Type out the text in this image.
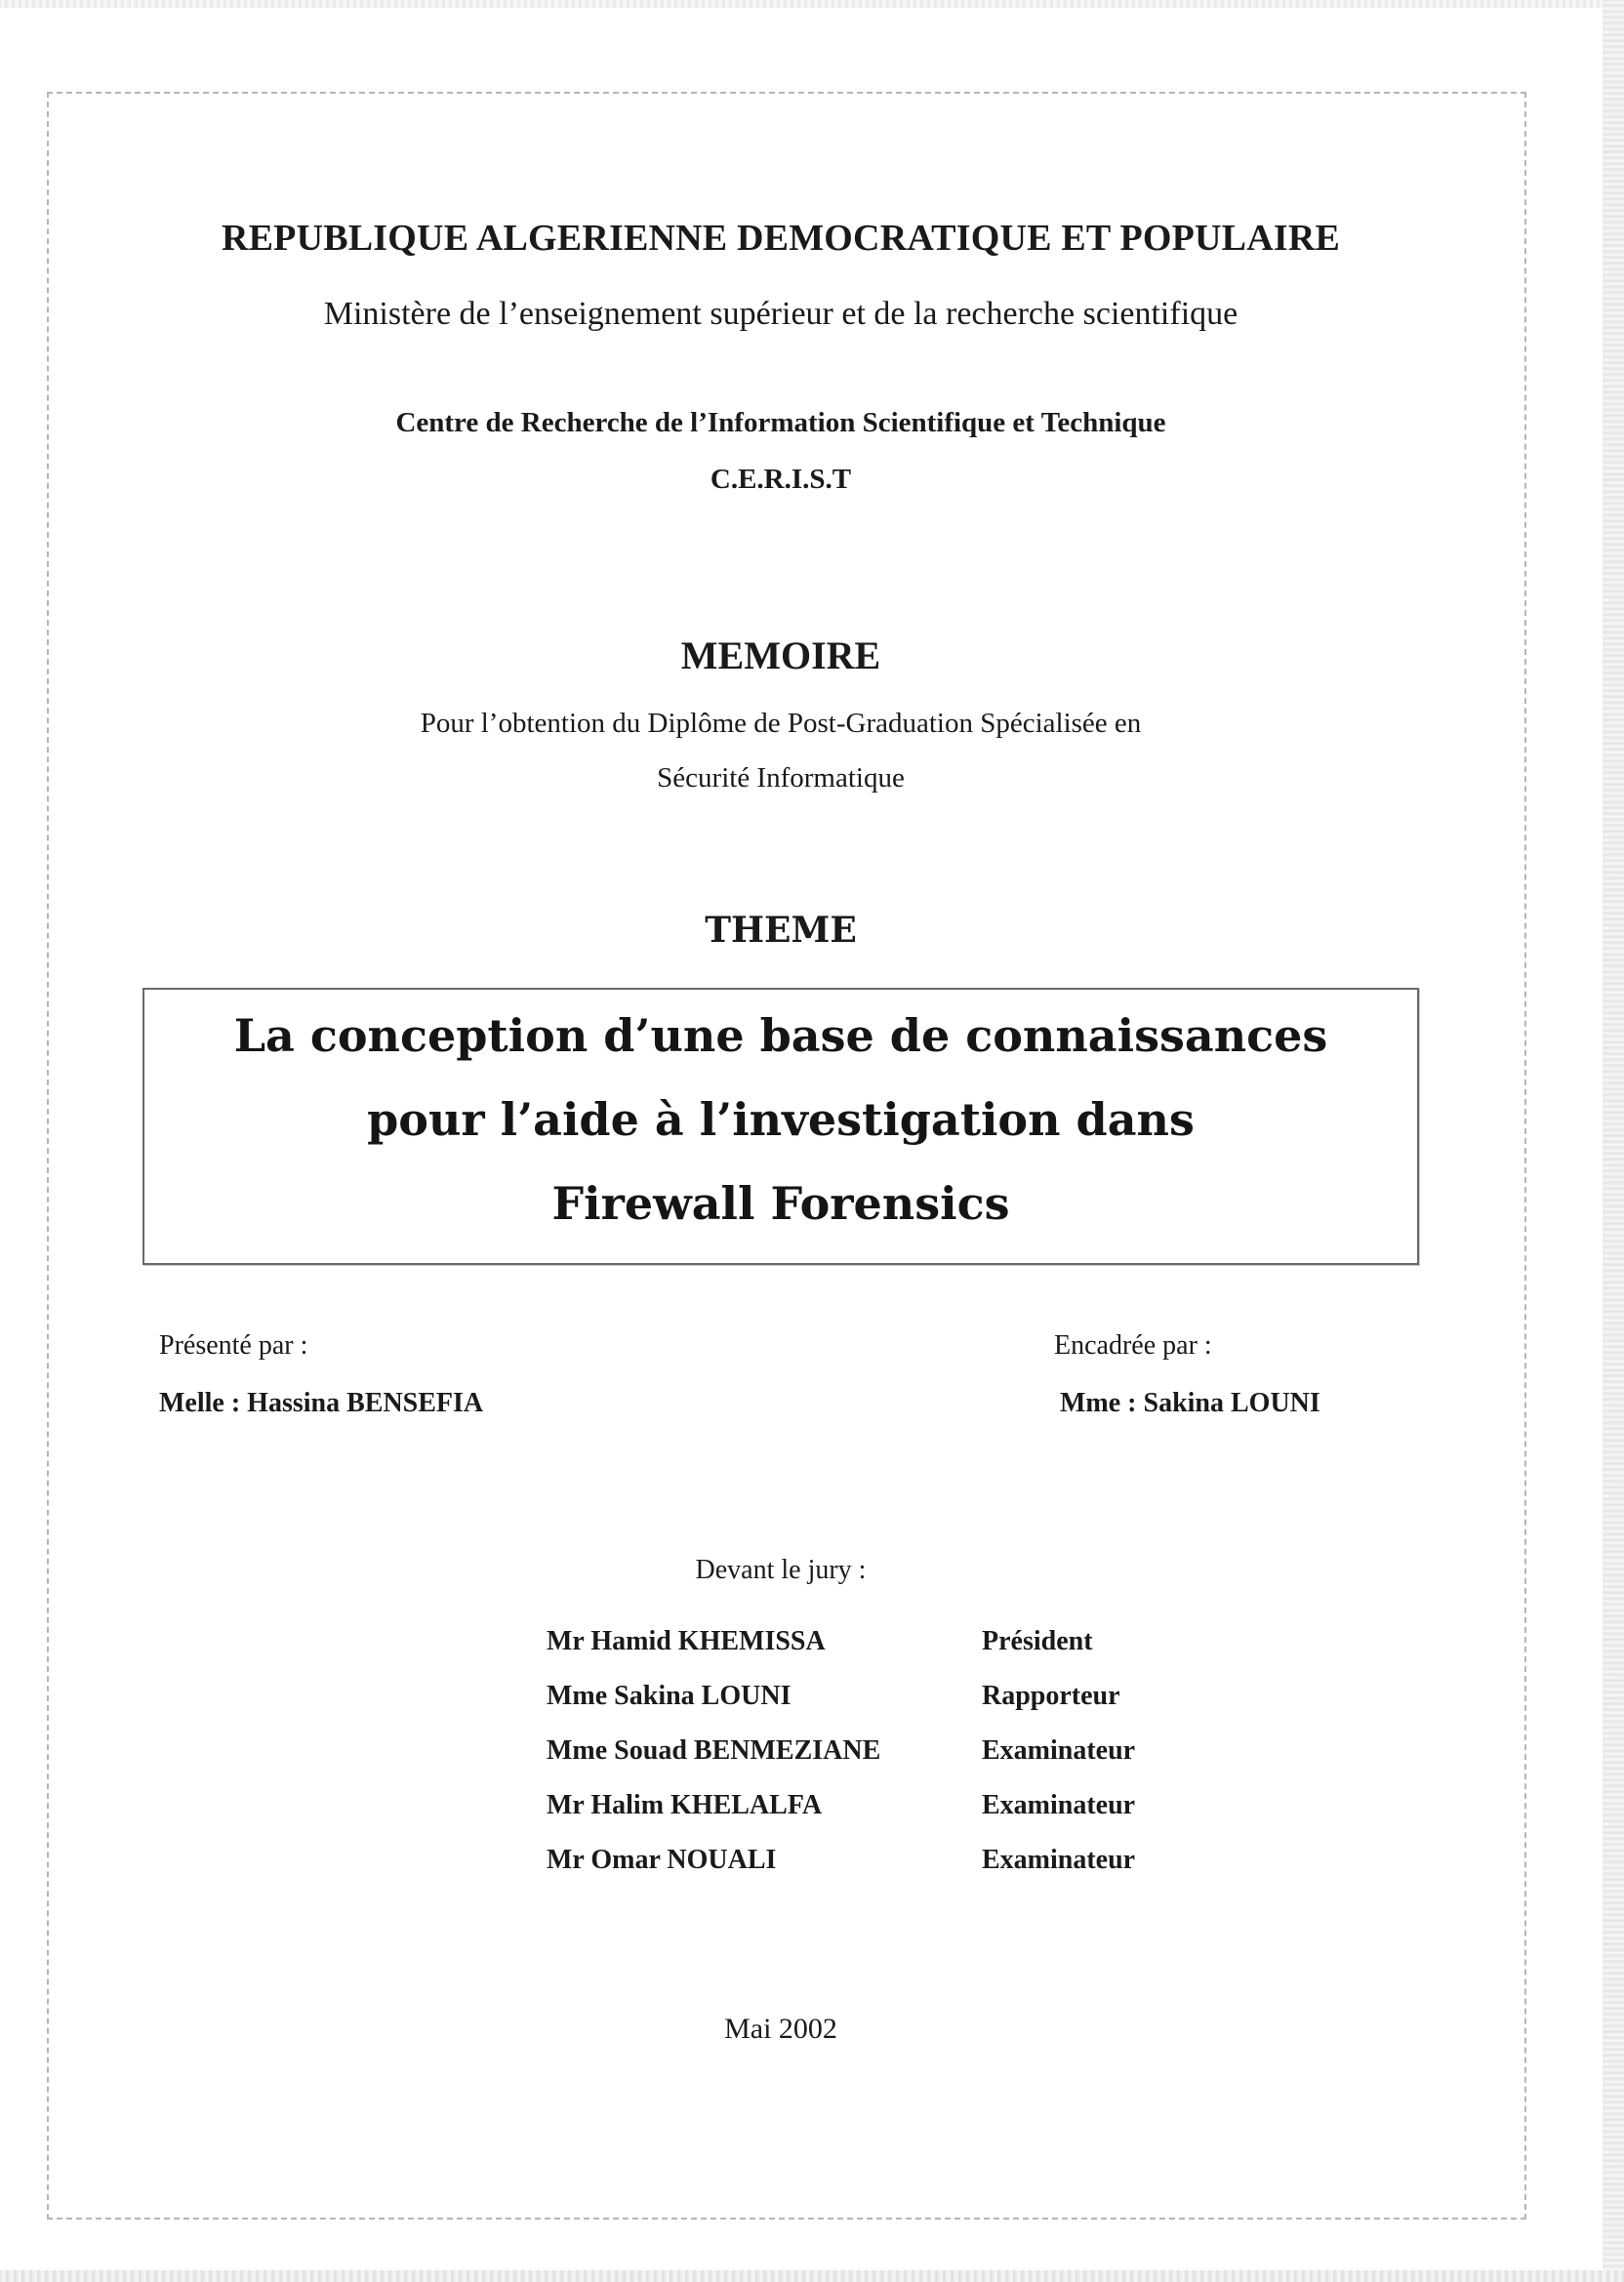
REPUBLIQUE ALGERIENNE DEMOCRATIQUE ET POPULAIRE
Ministère de l’enseignement supérieur et de la recherche scientifique
Centre de Recherche de l’Information Scientifique et Technique
C.E.R.I.S.T
MEMOIRE
Pour l’obtention du Diplôme de Post-Graduation Spécialisée en
Sécurité Informatique
THEME
La conception d’une base de connaissances
pour l’aide à l’investigation dans
Firewall Forensics
Présenté par :
Melle : Hassina BENSEFIA
Encadrée par :
Mme : Sakina LOUNI
Devant le jury :
Mr Hamid KHEMISSA	Président
Mme Sakina LOUNI	Rapporteur
Mme Souad BENMEZIANE	Examinateur
Mr Halim KHELALFA	Examinateur
Mr Omar NOUALI	Examinateur
Mai 2002
